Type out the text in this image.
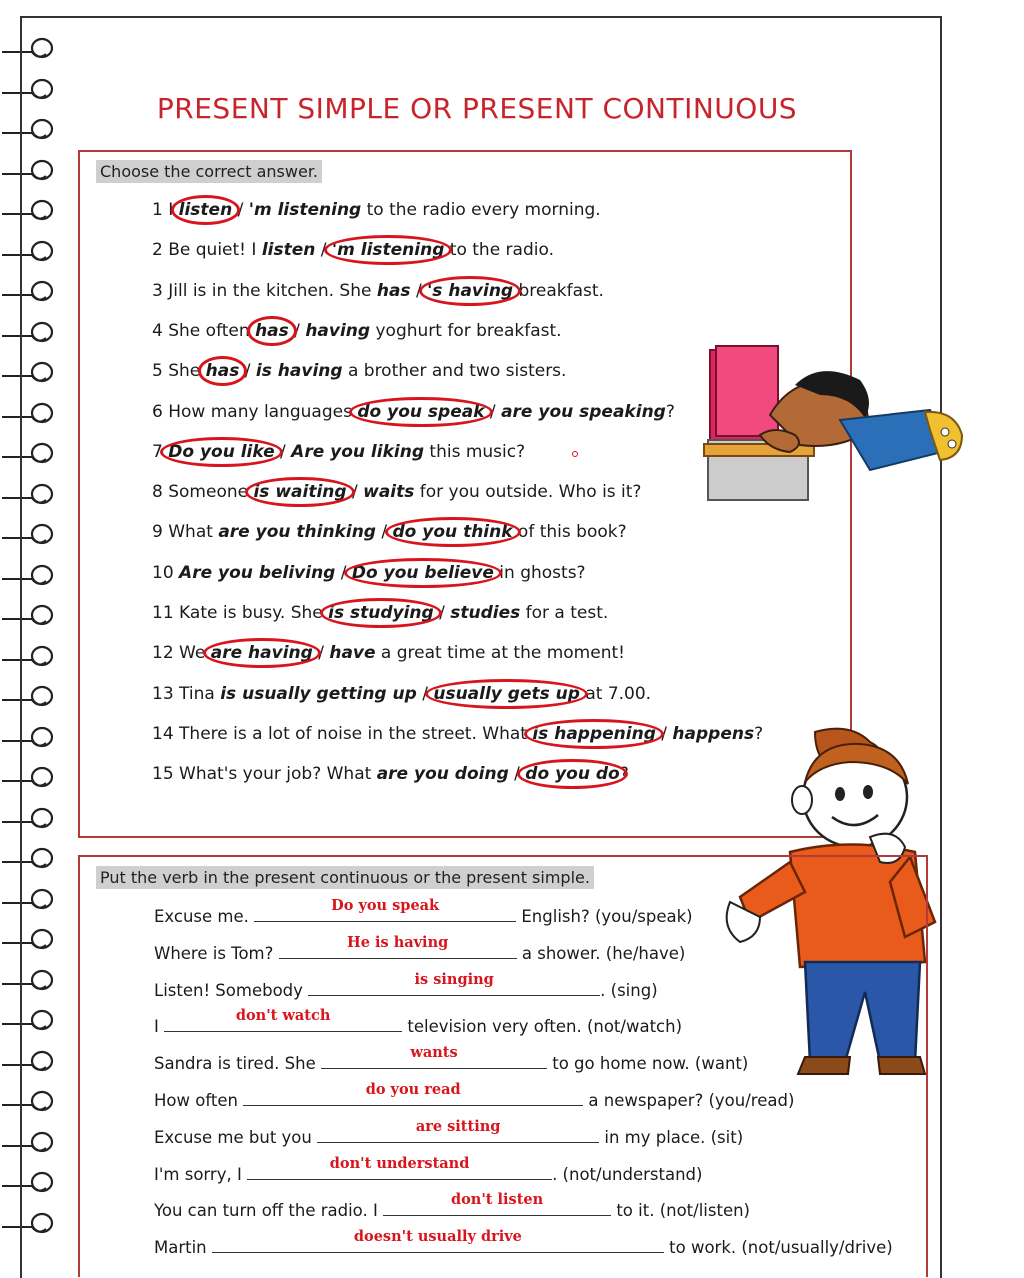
PRESENT SIMPLE OR PRESENT CONTINUOUS
Choose the correct answer.
1 I listen
/ 'm listening to the radio every morning.
2 Be quiet! I listen / 'm listening
to the radio.
3 Jill is in the kitchen. She has / 's having
breakfast.
4 She often has
/ having yoghurt for breakfast.
5 She has
/ is having a brother and two sisters.
6 How many languages do you speak
/ are you speaking?
7 Do you like
/ Are you liking this music?
8 Someone is waiting
/ waits for you outside. Who is it?
9 What are you thinking / do you think
of this book?
10 Are you beliving / Do you believe
in ghosts?
11 Kate is busy. She is studying
/ studies for a test.
12 We are having
/ have a great time at the moment!
13 Tina is usually getting up / usually gets up
at 7.00.
14 There is a lot of noise in the street. What is happening
/ happens?
15 What's your job? What are you doing / do you do
?
Put the verb in the present continuous or the present simple.
Excuse me.
Do you speak
English? (you/speak)
Where is Tom?
He is having
a shower. (he/have)
Listen! Somebody
is singing
. (sing)
I
don't watch
television very often. (not/watch)
Sandra is tired. She
wants
to go home now. (want)
How often
do you read
a newspaper? (you/read)
Excuse me but you
are sitting
in my place. (sit)
I'm sorry, I
don't understand
. (not/understand)
You can turn off the radio. I
don't listen
to it. (not/listen)
Martin
doesn't usually drive
to work. (not/usually/drive)
